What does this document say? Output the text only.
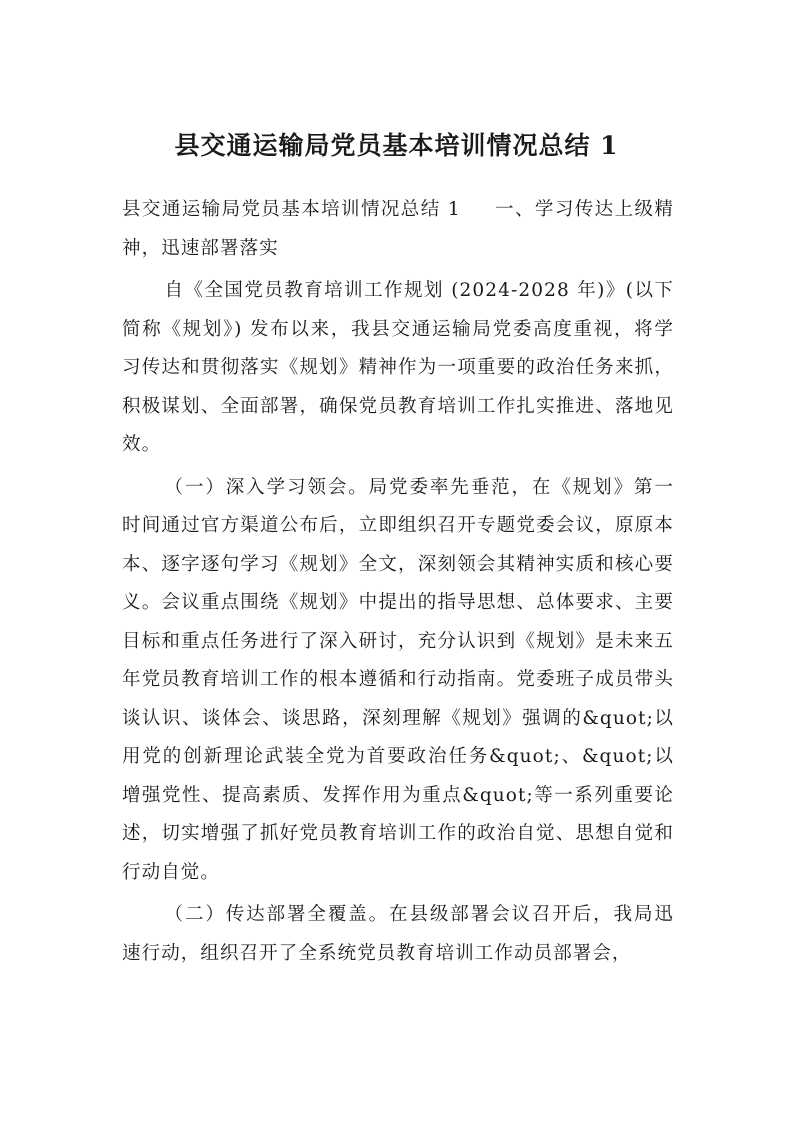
县交通运输局党员基本培训情况总结 1

县交通运输局党员基本培训情况总结 1 一、学习传达上级精神，迅速部署落实

自《全国党员教育培训工作规划 (2024-2028 年)》(以下简称《规划》) 发布以来，我县交通运输局党委高度重视，将学习传达和贯彻落实《规划》精神作为一项重要的政治任务来抓，积极谋划、全面部署，确保党员教育培训工作扎实推进、落地见效。

（一）深入学习领会。局党委率先垂范，在《规划》第一时间通过官方渠道公布后，立即组织召开专题党委会议，原原本本、逐字逐句学习《规划》全文，深刻领会其精神实质和核心要义。会议重点围绕《规划》中提出的指导思想、总体要求、主要目标和重点任务进行了深入研讨，充分认识到《规划》是未来五年党员教育培训工作的根本遵循和行动指南。党委班子成员带头谈认识、谈体会、谈思路，深刻理解《规划》强调的&quot;以用党的创新理论武装全党为首要政治任务&quot;、&quot;以增强党性、提高素质、发挥作用为重点&quot;等一系列重要论述，切实增强了抓好党员教育培训工作的政治自觉、思想自觉和行动自觉。

（二）传达部署全覆盖。在县级部署会议召开后，我局迅速行动，组织召开了全系统党员教育培训工作动员部署会，
